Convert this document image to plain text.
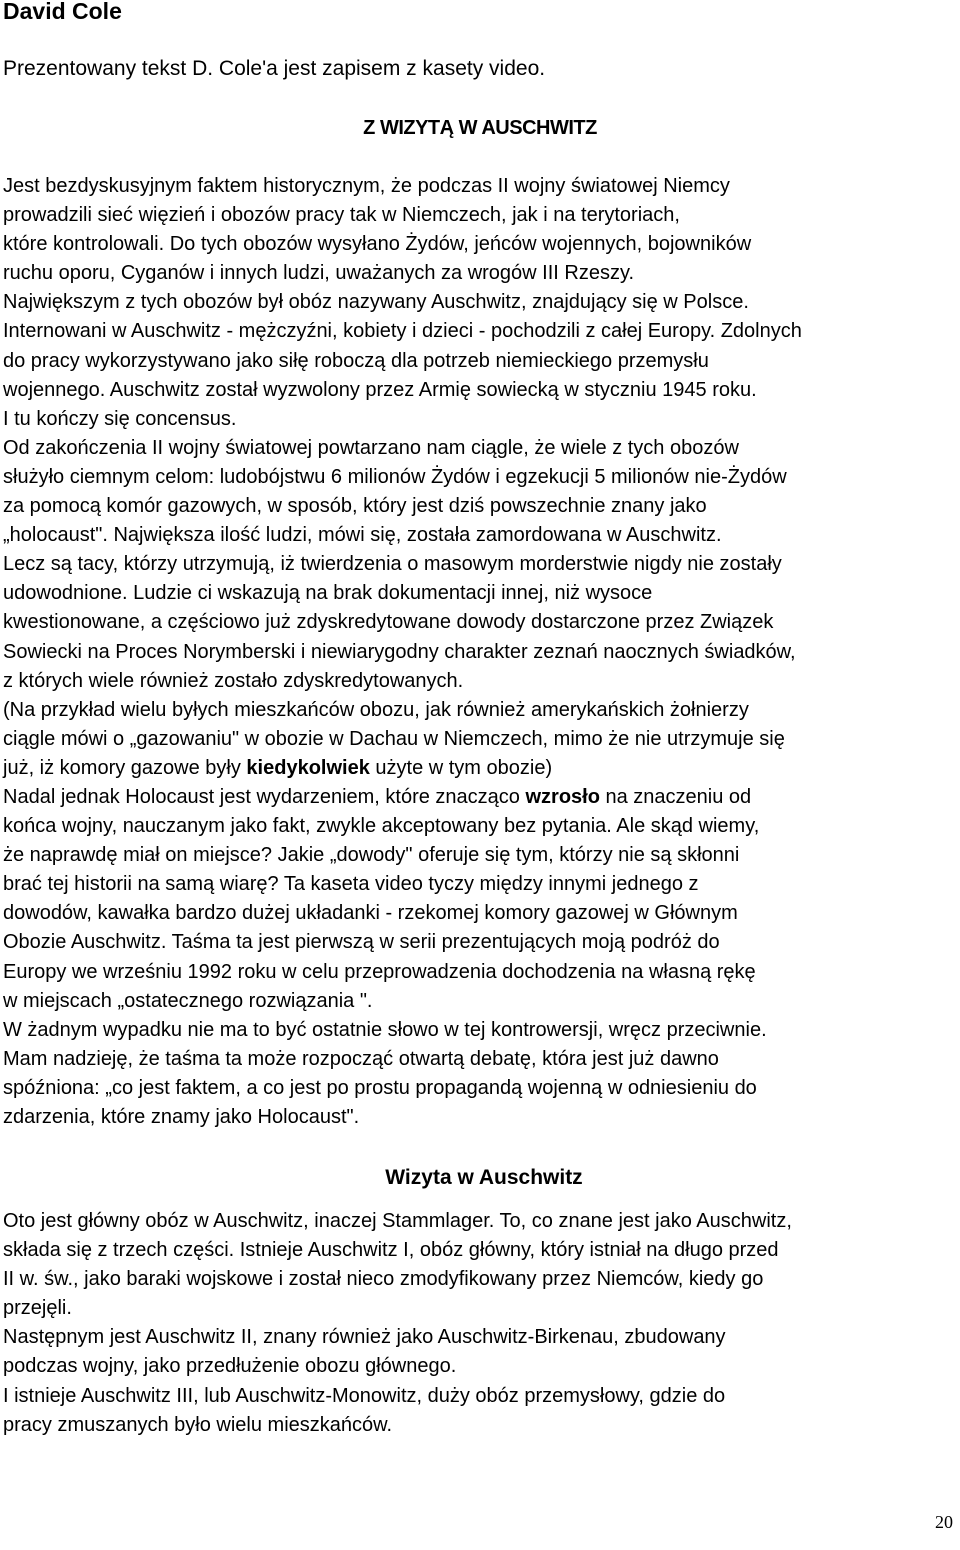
David Cole
Prezentowany tekst D. Cole'a jest zapisem z kasety video.
Z WIZYTĄ W AUSCHWITZ
Jest bezdyskusyjnym faktem historycznym, że podczas II wojny światowej Niemcy
prowadzili sieć więzień i obozów pracy tak w Niemczech, jak i na terytoriach,
które kontrolowali. Do tych obozów wysyłano Żydów, jeńców wojennych, bojowników
ruchu oporu, Cyganów i innych ludzi, uważanych za wrogów III Rzeszy.
Największym z tych obozów był obóz nazywany Auschwitz, znajdujący się w Polsce.
Internowani w Auschwitz - mężczyźni, kobiety i dzieci - pochodzili z całej Europy. Zdolnych
do pracy wykorzystywano jako siłę roboczą dla potrzeb niemieckiego przemysłu
wojennego. Auschwitz został wyzwolony przez Armię sowiecką w styczniu 1945 roku.
I tu kończy się concensus.
Od zakończenia II wojny światowej powtarzano nam ciągle, że wiele z tych obozów
służyło ciemnym celom: ludobójstwu 6 milionów Żydów i egzekucji 5 milionów nie-Żydów
za pomocą komór gazowych, w sposób, który jest dziś powszechnie znany jako
„holocaust". Największa ilość ludzi, mówi się, została zamordowana w Auschwitz.
Lecz są tacy, którzy utrzymują, iż twierdzenia o masowym morderstwie nigdy nie zostały
udowodnione. Ludzie ci wskazują na brak dokumentacji innej, niż wysoce
kwestionowane, a częściowo już zdyskredytowane dowody dostarczone przez Związek
Sowiecki na Proces Norymberski i niewiarygodny charakter zeznań naocznych świadków,
z których wiele również zostało zdyskredytowanych.
(Na przykład wielu byłych mieszkańców obozu, jak również amerykańskich żołnierzy
ciągle mówi o „gazowaniu" w obozie w Dachau w Niemczech, mimo że nie utrzymuje się
już, iż komory gazowe były kiedykolwiek użyte w tym obozie)
Nadal jednak Holocaust jest wydarzeniem, które znacząco wzrosło na znaczeniu od
końca wojny, nauczanym jako fakt, zwykle akceptowany bez pytania. Ale skąd wiemy,
że naprawdę miał on miejsce? Jakie „dowody" oferuje się tym, którzy nie są skłonni
brać tej historii na samą wiarę? Ta kaseta video tyczy między innymi jednego z
dowodów, kawałka bardzo dużej układanki - rzekomej komory gazowej w Głównym
Obozie Auschwitz. Taśma ta jest pierwszą w serii prezentujących moją podróż do
Europy we wrześniu 1992 roku w celu przeprowadzenia dochodzenia na własną rękę
w miejscach „ostatecznego rozwiązania ".
W żadnym wypadku nie ma to być ostatnie słowo w tej kontrowersji, wręcz przeciwnie.
Mam nadzieję, że taśma ta może rozpocząć otwartą debatę, która jest już dawno
spóźniona: „co jest faktem, a co jest po prostu propagandą wojenną w odniesieniu do
zdarzenia, które znamy jako Holocaust".
Wizyta w Auschwitz
Oto jest główny obóz w Auschwitz, inaczej Stammlager. To, co znane jest jako Auschwitz,
składa się z trzech części. Istnieje Auschwitz I, obóz główny, który istniał na długo przed
II w. św., jako baraki wojskowe i został nieco zmodyfikowany przez Niemców, kiedy go
przejęli.
Następnym jest Auschwitz II, znany również jako Auschwitz-Birkenau, zbudowany
podczas wojny, jako przedłużenie obozu głównego.
I istnieje Auschwitz III, lub Auschwitz-Monowitz, duży obóz przemysłowy, gdzie do
pracy zmuszanych było wielu mieszkańców.
20
